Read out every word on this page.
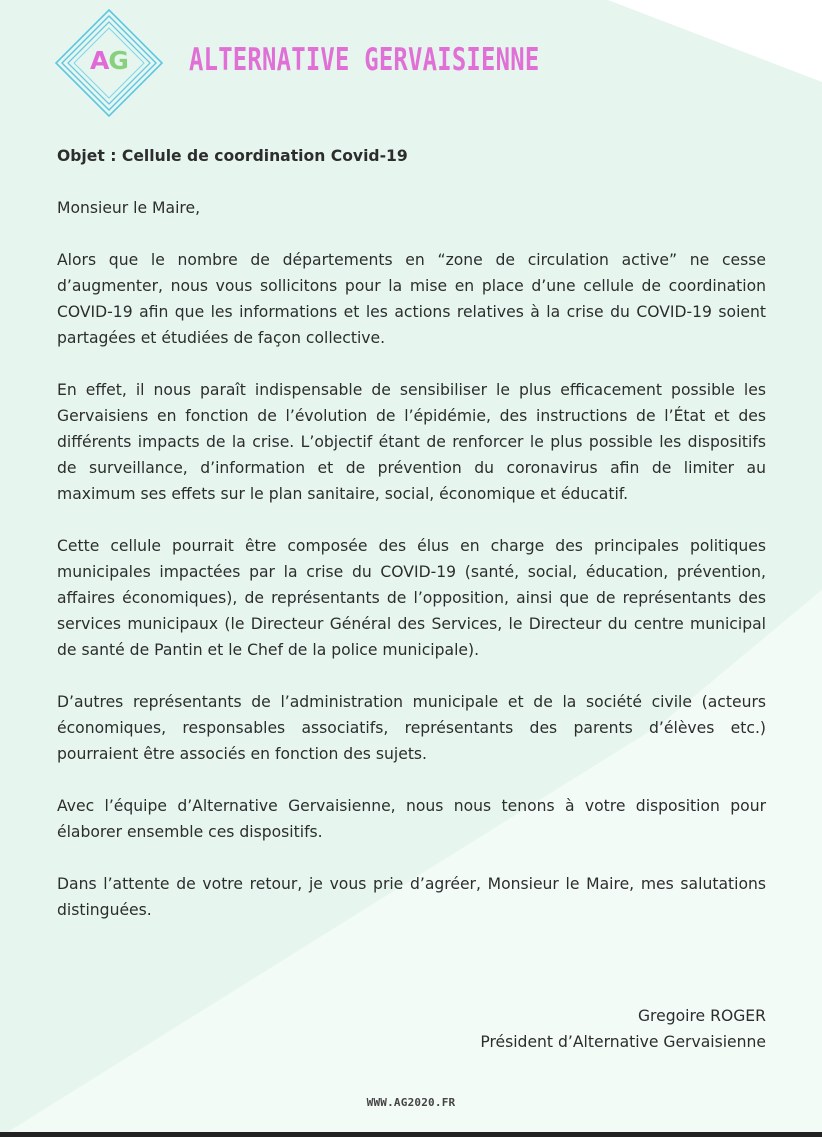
AG	ALTERNATIVE GERVAISIENNE

Objet : Cellule de coordination Covid-19

Monsieur le Maire,

Alors que le nombre de départements en “zone de circulation active” ne cesse d’augmenter, nous vous sollicitons pour la mise en place d’une cellule de coordination COVID-19 afin que les informations et les actions relatives à la crise du COVID-19 soient partagées et étudiées de façon collective.

En effet, il nous paraît indispensable de sensibiliser le plus efficacement possible les Gervaisiens en fonction de l’évolution de l’épidémie, des instructions de l’État et des différents impacts de la crise. L’objectif étant de renforcer le plus possible les dispositifs de surveillance, d’information et de prévention du coronavirus afin de limiter au maximum ses effets sur le plan sanitaire, social, économique et éducatif.

Cette cellule pourrait être composée des élus en charge des principales politiques municipales impactées par la crise du COVID-19 (santé, social, éducation, prévention, affaires économiques), de représentants de l’opposition, ainsi que de représentants des services municipaux (le Directeur Général des Services, le Directeur du centre municipal de santé de Pantin et le Chef de la police municipale).

D’autres représentants de l’administration municipale et de la société civile (acteurs économiques, responsables associatifs, représentants des parents d’élèves etc.) pourraient être associés en fonction des sujets.

Avec l’équipe d’Alternative Gervaisienne, nous nous tenons à votre disposition pour élaborer ensemble ces dispositifs.

Dans l’attente de votre retour, je vous prie d’agréer, Monsieur le Maire, mes salutations distinguées.

Gregoire ROGER
Président d’Alternative Gervaisienne
WWW.AG2020.FR
